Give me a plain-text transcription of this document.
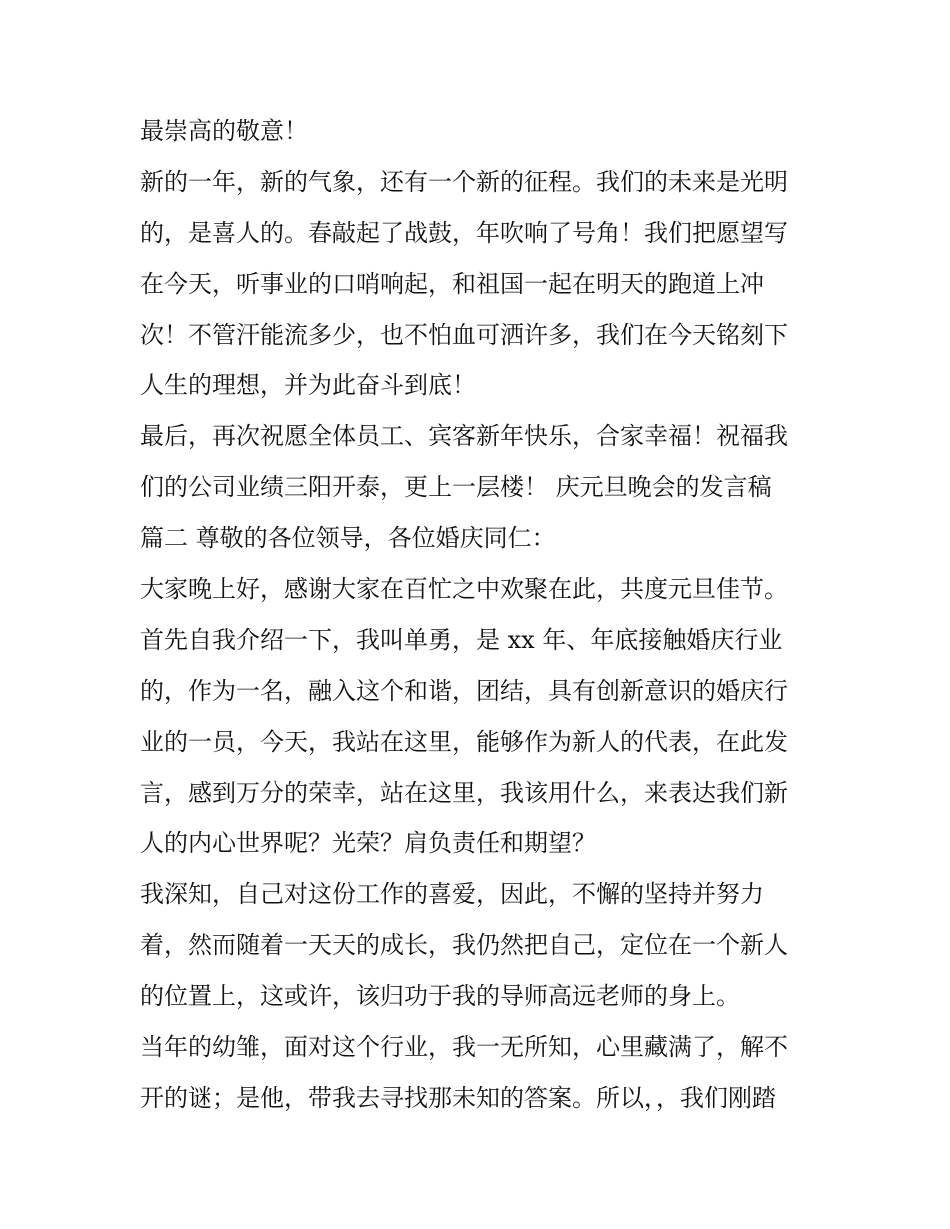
最崇高的敬意！
新的一年，新的气象，还有一个新的征程。我们的未来是光明
的，是喜人的。春敲起了战鼓，年吹响了号角！我们把愿望写
在今天，听事业的口哨响起，和祖国一起在明天的跑道上冲
次！不管汗能流多少，也不怕血可洒许多，我们在今天铭刻下
人生的理想，并为此奋斗到底！
最后，再次祝愿全体员工、宾客新年快乐，合家幸福！祝福我
们的公司业绩三阳开泰，更上一层楼！ 庆元旦晚会的发言稿
篇二 尊敬的各位领导，各位婚庆同仁：
大家晚上好，感谢大家在百忙之中欢聚在此，共度元旦佳节。
首先自我介绍一下，我叫单勇，是 xx 年、年底接触婚庆行业
的，作为一名，融入这个和谐，团结，具有创新意识的婚庆行
业的一员，今天，我站在这里，能够作为新人的代表，在此发
言，感到万分的荣幸，站在这里，我该用什么，来表达我们新
人的内心世界呢？光荣？肩负责任和期望？
我深知，自己对这份工作的喜爱，因此，不懈的坚持并努力
着，然而随着一天天的成长，我仍然把自己，定位在一个新人
的位置上，这或许，该归功于我的导师高远老师的身上。
当年的幼雏，面对这个行业，我一无所知，心里藏满了，解不
开的谜；是他，带我去寻找那未知的答案。所以，，我们刚踏
